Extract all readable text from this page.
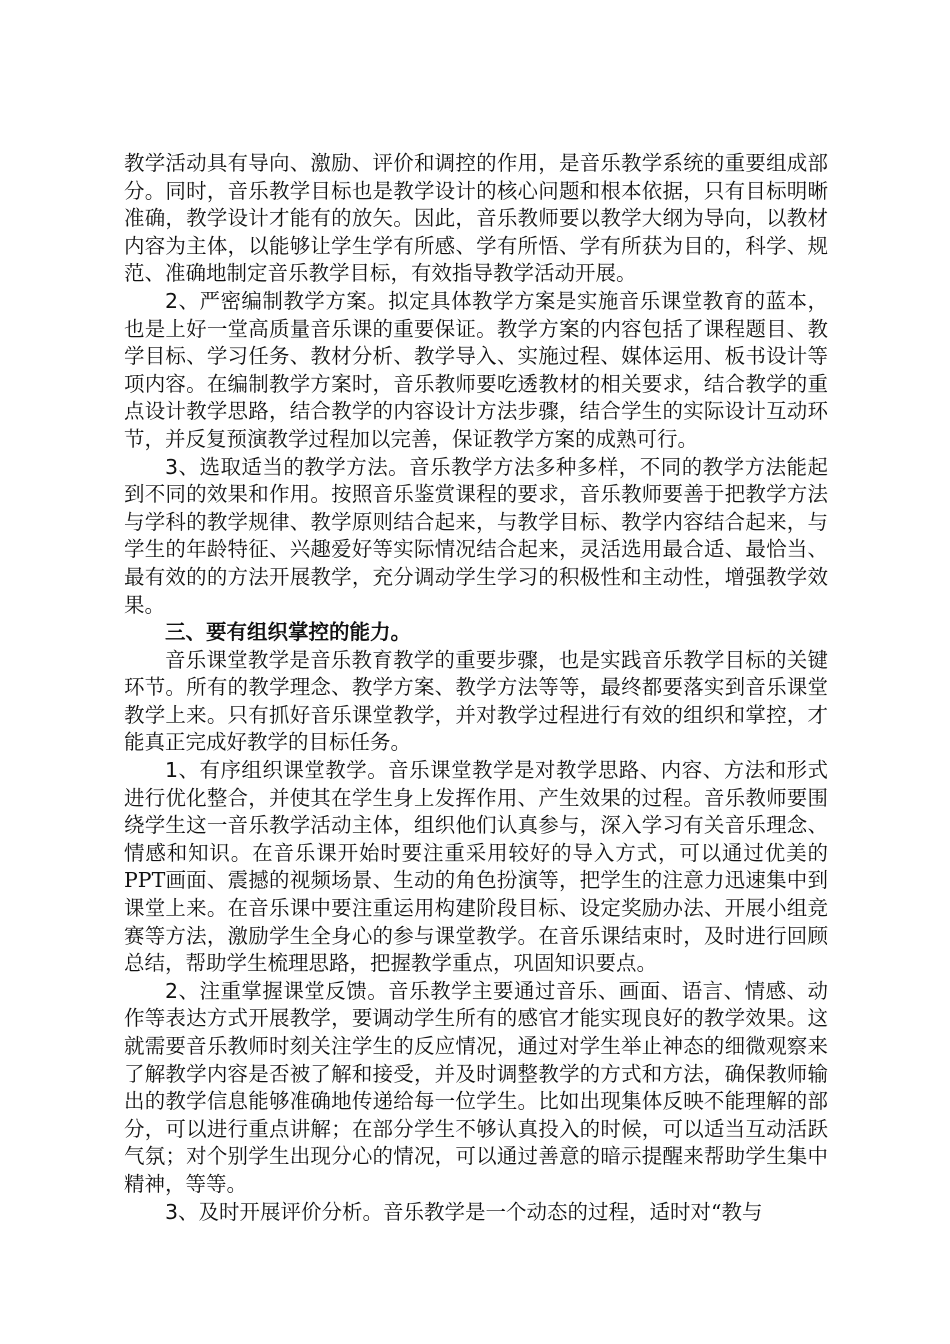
教学活动具有导向、激励、评价和调控的作用，是音乐教学系统的重要组成部分。同时，音乐教学目标也是教学设计的核心问题和根本依据，只有目标明晰准确，教学设计才能有的放矢。因此，音乐教师要以教学大纲为导向，以教材内容为主体，以能够让学生学有所感、学有所悟、学有所获为目的，科学、规范、准确地制定音乐教学目标，有效指导教学活动开展。

2、严密编制教学方案。拟定具体教学方案是实施音乐课堂教育的蓝本，也是上好一堂高质量音乐课的重要保证。教学方案的内容包括了课程题目、教学目标、学习任务、教材分析、教学导入、实施过程、媒体运用、板书设计等项内容。在编制教学方案时，音乐教师要吃透教材的相关要求，结合教学的重点设计教学思路，结合教学的内容设计方法步骤，结合学生的实际设计互动环节，并反复预演教学过程加以完善，保证教学方案的成熟可行。

3、选取适当的教学方法。音乐教学方法多种多样，不同的教学方法能起到不同的效果和作用。按照音乐鉴赏课程的要求，音乐教师要善于把教学方法与学科的教学规律、教学原则结合起来，与教学目标、教学内容结合起来，与学生的年龄特征、兴趣爱好等实际情况结合起来，灵活选用最合适、最恰当、最有效的的方法开展教学，充分调动学生学习的积极性和主动性，增强教学效果。

三、要有组织掌控的能力。

音乐课堂教学是音乐教育教学的重要步骤，也是实践音乐教学目标的关键环节。所有的教学理念、教学方案、教学方法等等，最终都要落实到音乐课堂教学上来。只有抓好音乐课堂教学，并对教学过程进行有效的组织和掌控，才能真正完成好教学的目标任务。

1、有序组织课堂教学。音乐课堂教学是对教学思路、内容、方法和形式进行优化整合，并使其在学生身上发挥作用、产生效果的过程。音乐教师要围绕学生这一音乐教学活动主体，组织他们认真参与，深入学习有关音乐理念、情感和知识。在音乐课开始时要注重采用较好的导入方式，可以通过优美的PPT画面、震撼的视频场景、生动的角色扮演等，把学生的注意力迅速集中到课堂上来。在音乐课中要注重运用构建阶段目标、设定奖励办法、开展小组竞赛等方法，激励学生全身心的参与课堂教学。在音乐课结束时，及时进行回顾总结，帮助学生梳理思路，把握教学重点，巩固知识要点。

2、注重掌握课堂反馈。音乐教学主要通过音乐、画面、语言、情感、动作等表达方式开展教学，要调动学生所有的感官才能实现良好的教学效果。这就需要音乐教师时刻关注学生的反应情况，通过对学生举止神态的细微观察来了解教学内容是否被了解和接受，并及时调整教学的方式和方法，确保教师输出的教学信息能够准确地传递给每一位学生。比如出现集体反映不能理解的部分，可以进行重点讲解；在部分学生不够认真投入的时候，可以适当互动活跃气氛；对个别学生出现分心的情况，可以通过善意的暗示提醒来帮助学生集中精神，等等。

3、及时开展评价分析。音乐教学是一个动态的过程，适时对“教与
